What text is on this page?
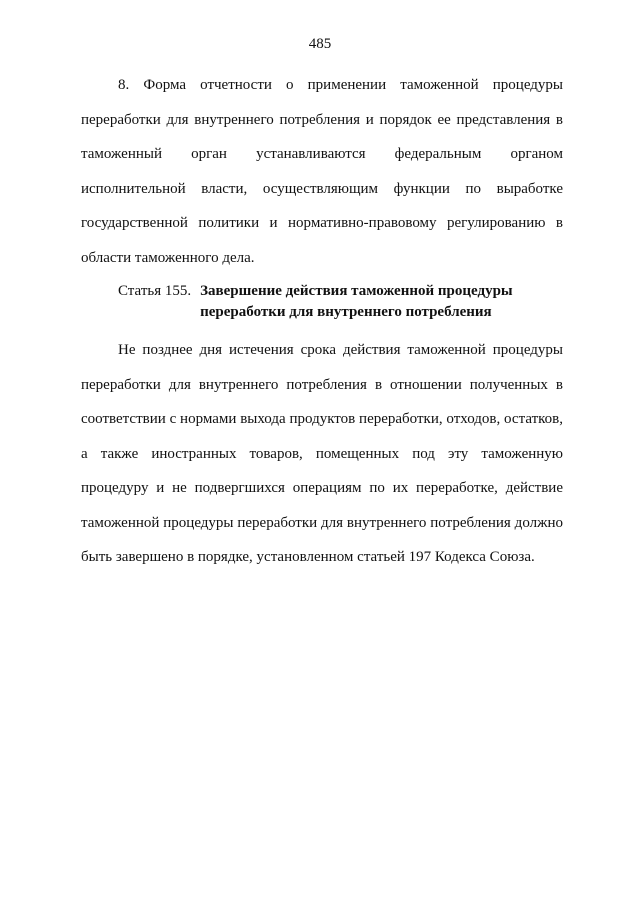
485

8. Форма отчетности о применении таможенной процедуры переработки для внутреннего потребления и порядок ее представления в таможенный орган устанавливаются федеральным органом исполнительной власти, осуществляющим функции по выработке государственной политики и нормативно-правовому регулированию в области таможенного дела.

Статья 155. Завершение действия таможенной процедуры
переработки для внутреннего потребления

Не позднее дня истечения срока действия таможенной процедуры переработки для внутреннего потребления в отношении полученных в соответствии с нормами выхода продуктов переработки, отходов, остатков, а также иностранных товаров, помещенных под эту таможенную процедуру и не подвергшихся операциям по их переработке, действие таможенной процедуры переработки для внутреннего потребления должно быть завершено в порядке, установленном статьей 197 Кодекса Союза.
